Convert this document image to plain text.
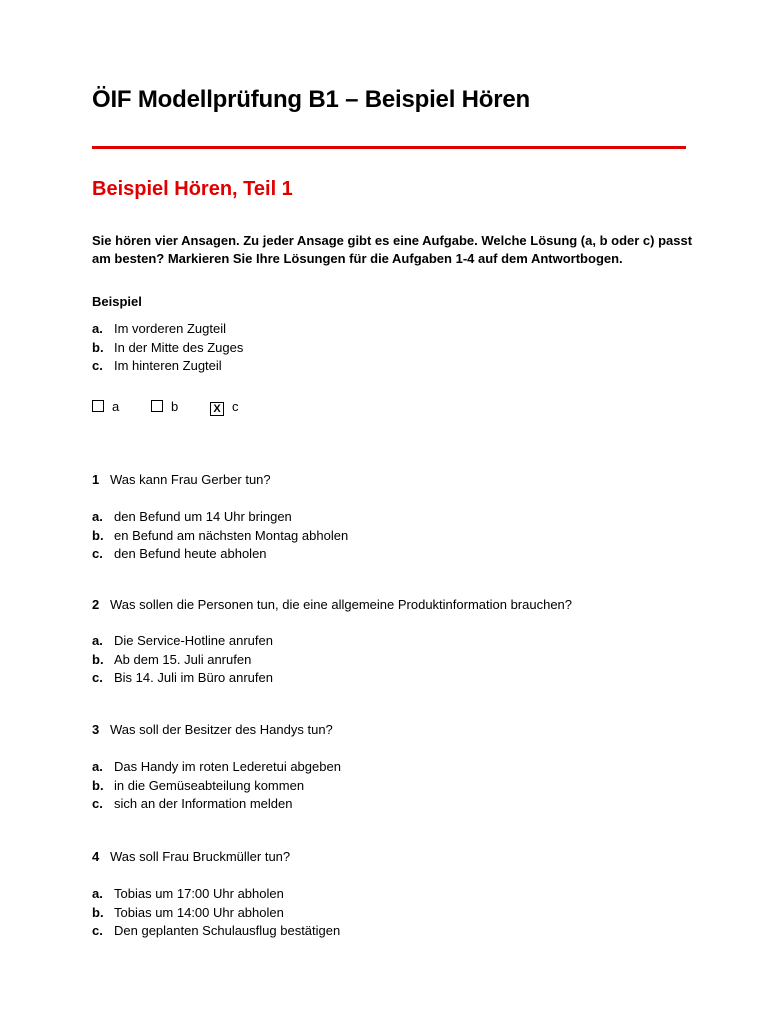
ÖIF Modellprüfung B1 – Beispiel Hören
Beispiel Hören, Teil 1

Sie hören vier Ansagen. Zu jeder Ansage gibt es eine Aufgabe. Welche Lösung (a, b oder c) passt am besten? Markieren Sie Ihre Lösungen für die Aufgaben 1-4 auf dem Antwortbogen.

Beispiel
a. Im vorderen Zugteil
b. In der Mitte des Zuges
c. Im hinteren Zugteil
a	b	X c
1 Was kann Frau Gerber tun?
a. den Befund um 14 Uhr bringen
b. en Befund am nächsten Montag abholen
c. den Befund heute abholen
2 Was sollen die Personen tun, die eine allgemeine Produktinformation brauchen?
a. Die Service-Hotline anrufen
b. Ab dem 15. Juli anrufen
c. Bis 14. Juli im Büro anrufen
3 Was soll der Besitzer des Handys tun?
a. Das Handy im roten Lederetui abgeben
b. in die Gemüseabteilung kommen
c. sich an der Information melden
4 Was soll Frau Bruckmüller tun?
a. Tobias um 17:00 Uhr abholen
b. Tobias um 14:00 Uhr abholen
c. Den geplanten Schulausflug bestätigen
